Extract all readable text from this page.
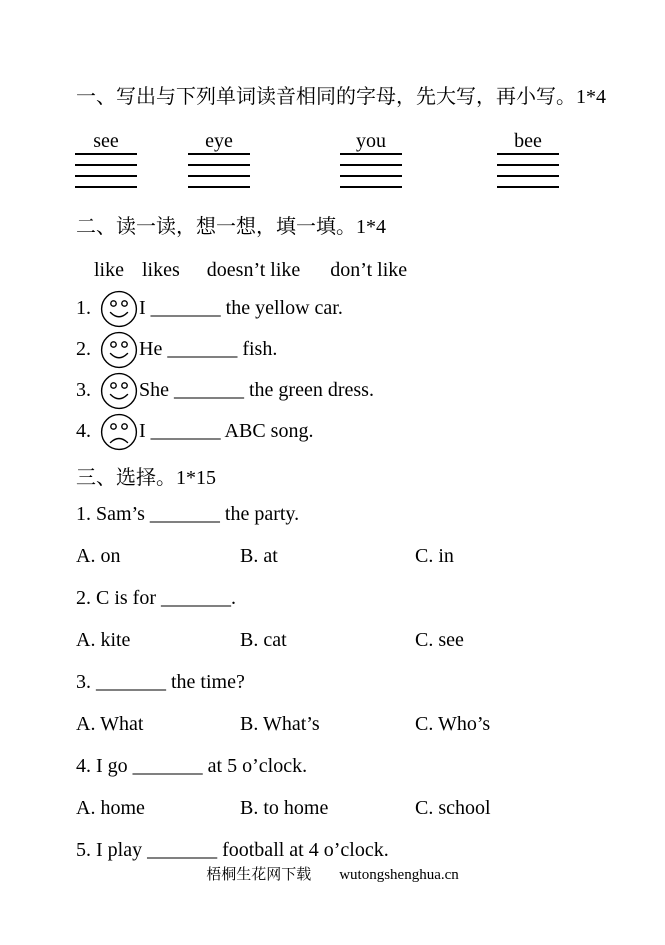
一、写出与下列单词读音相同的字母，先大写，再小写。1*4
see	eye	you	bee
二、读一读，想一想，填一填。1*4
like likes doesn’t like don’t like
1.	I _______ the yellow car.
2.	He _______ fish.
3.	She _______ the green dress.
4.	I _______ ABC song.
三、选择。1*15
1. Sam’s _______ the party.
A. on	B. at	C. in
2. C is for _______.
A. kite	B. cat	C. see
3. _______ the time?
A. What	B. What’s	C. Who’s
4. I go _______ at 5 o’clock.
A. home	B. to home	C. school
5. I play _______ football at 4 o’clock.
梧桐生花网下载 wutongshenghua.cn
